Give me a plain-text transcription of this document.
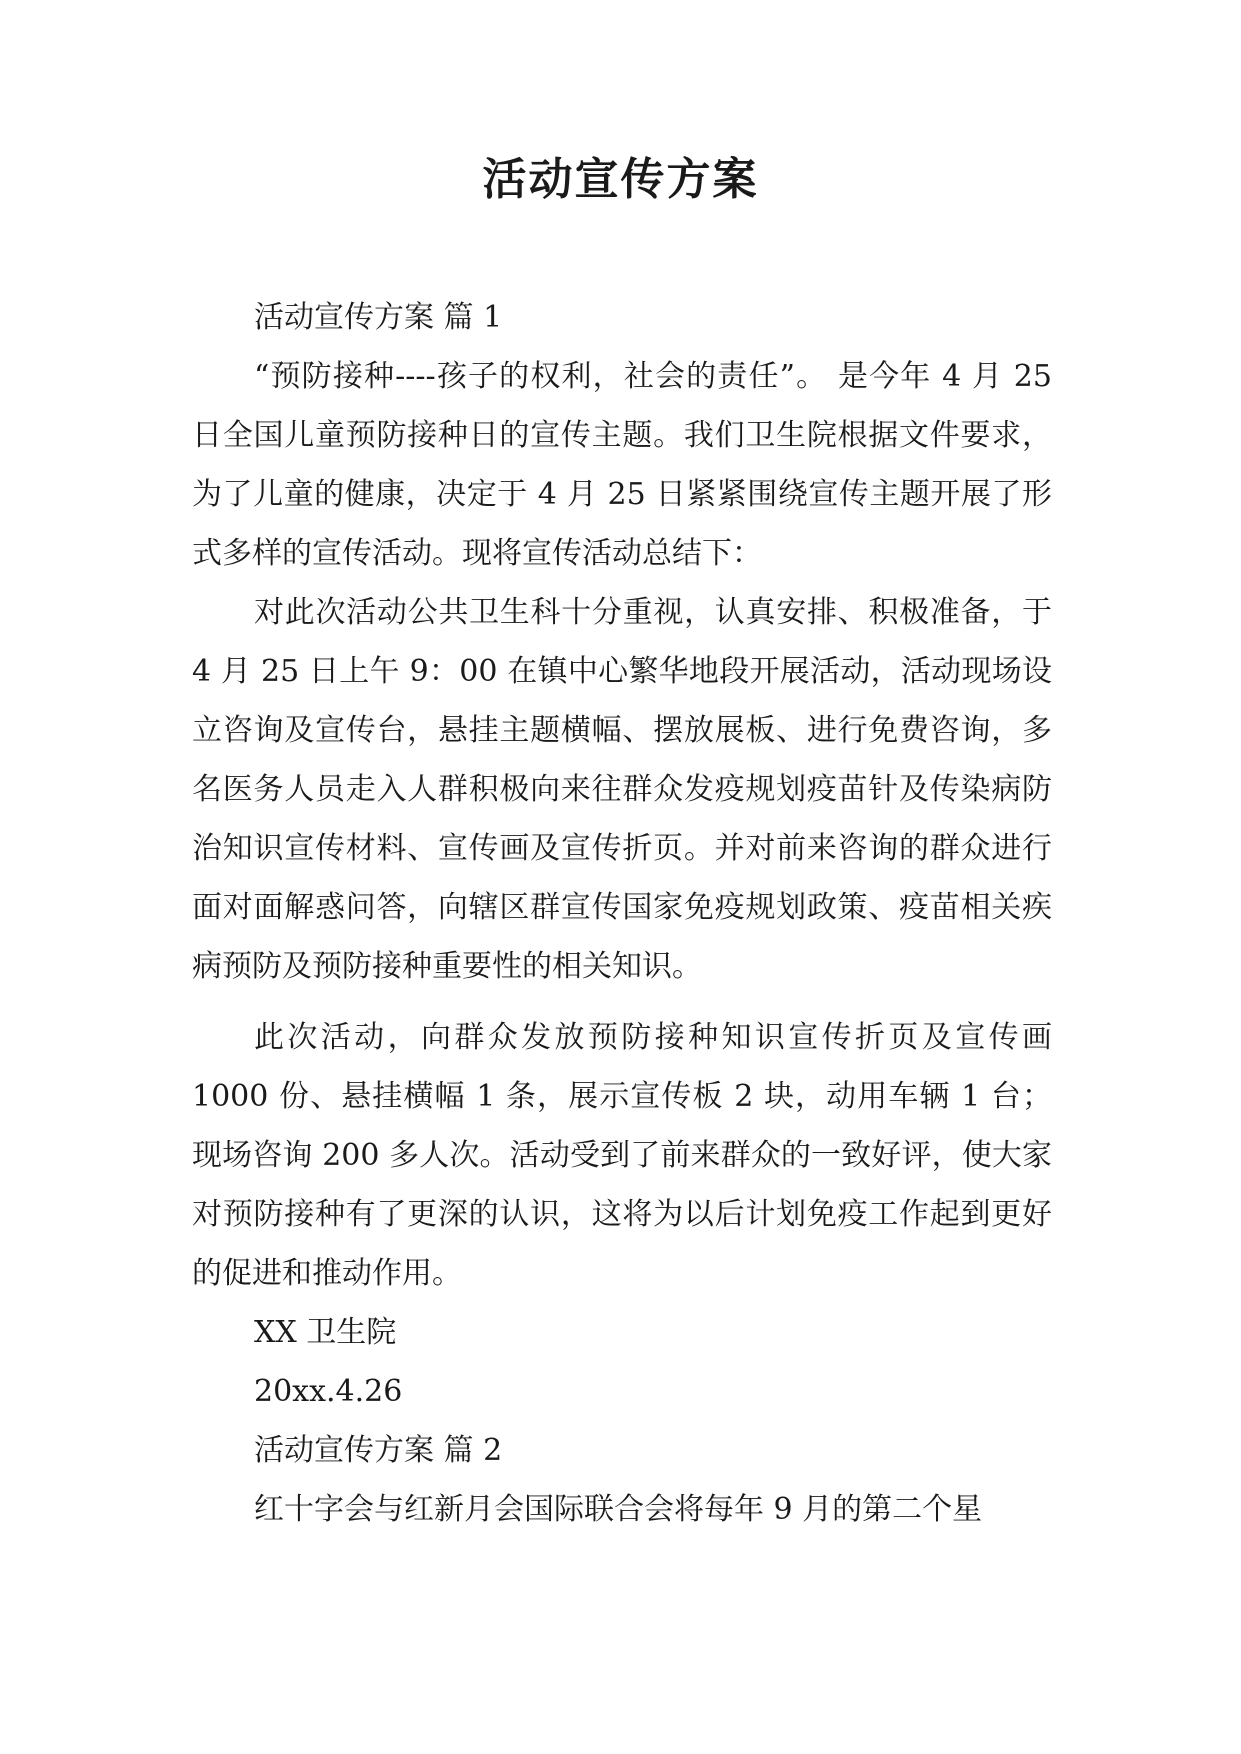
活动宣传方案

活动宣传方案 篇 1

“预防接种----孩子的权利，社会的责任”。 是今年 4 月 25 日全国儿童预防接种日的宣传主题。我们卫生院根据文件要求，为了儿童的健康，决定于 4 月 25 日紧紧围绕宣传主题开展了形式多样的宣传活动。现将宣传活动总结下：

对此次活动公共卫生科十分重视，认真安排、积极准备，于 4 月 25 日上午 9：00 在镇中心繁华地段开展活动，活动现场设立咨询及宣传台，悬挂主题横幅、摆放展板、进行免费咨询，多名医务人员走入人群积极向来往群众发疫规划疫苗针及传染病防治知识宣传材料、宣传画及宣传折页。并对前来咨询的群众进行面对面解惑问答，向辖区群宣传国家免疫规划政策、疫苗相关疾病预防及预防接种重要性的相关知识。

此次活动，向群众发放预防接种知识宣传折页及宣传画 1000 份、悬挂横幅 1 条，展示宣传板 2 块，动用车辆 1 台；现场咨询 200 多人次。活动受到了前来群众的一致好评，使大家对预防接种有了更深的认识，这将为以后计划免疫工作起到更好的促进和推动作用。

XX 卫生院

20xx.4.26

活动宣传方案 篇 2

红十字会与红新月会国际联合会将每年 9 月的第二个星
